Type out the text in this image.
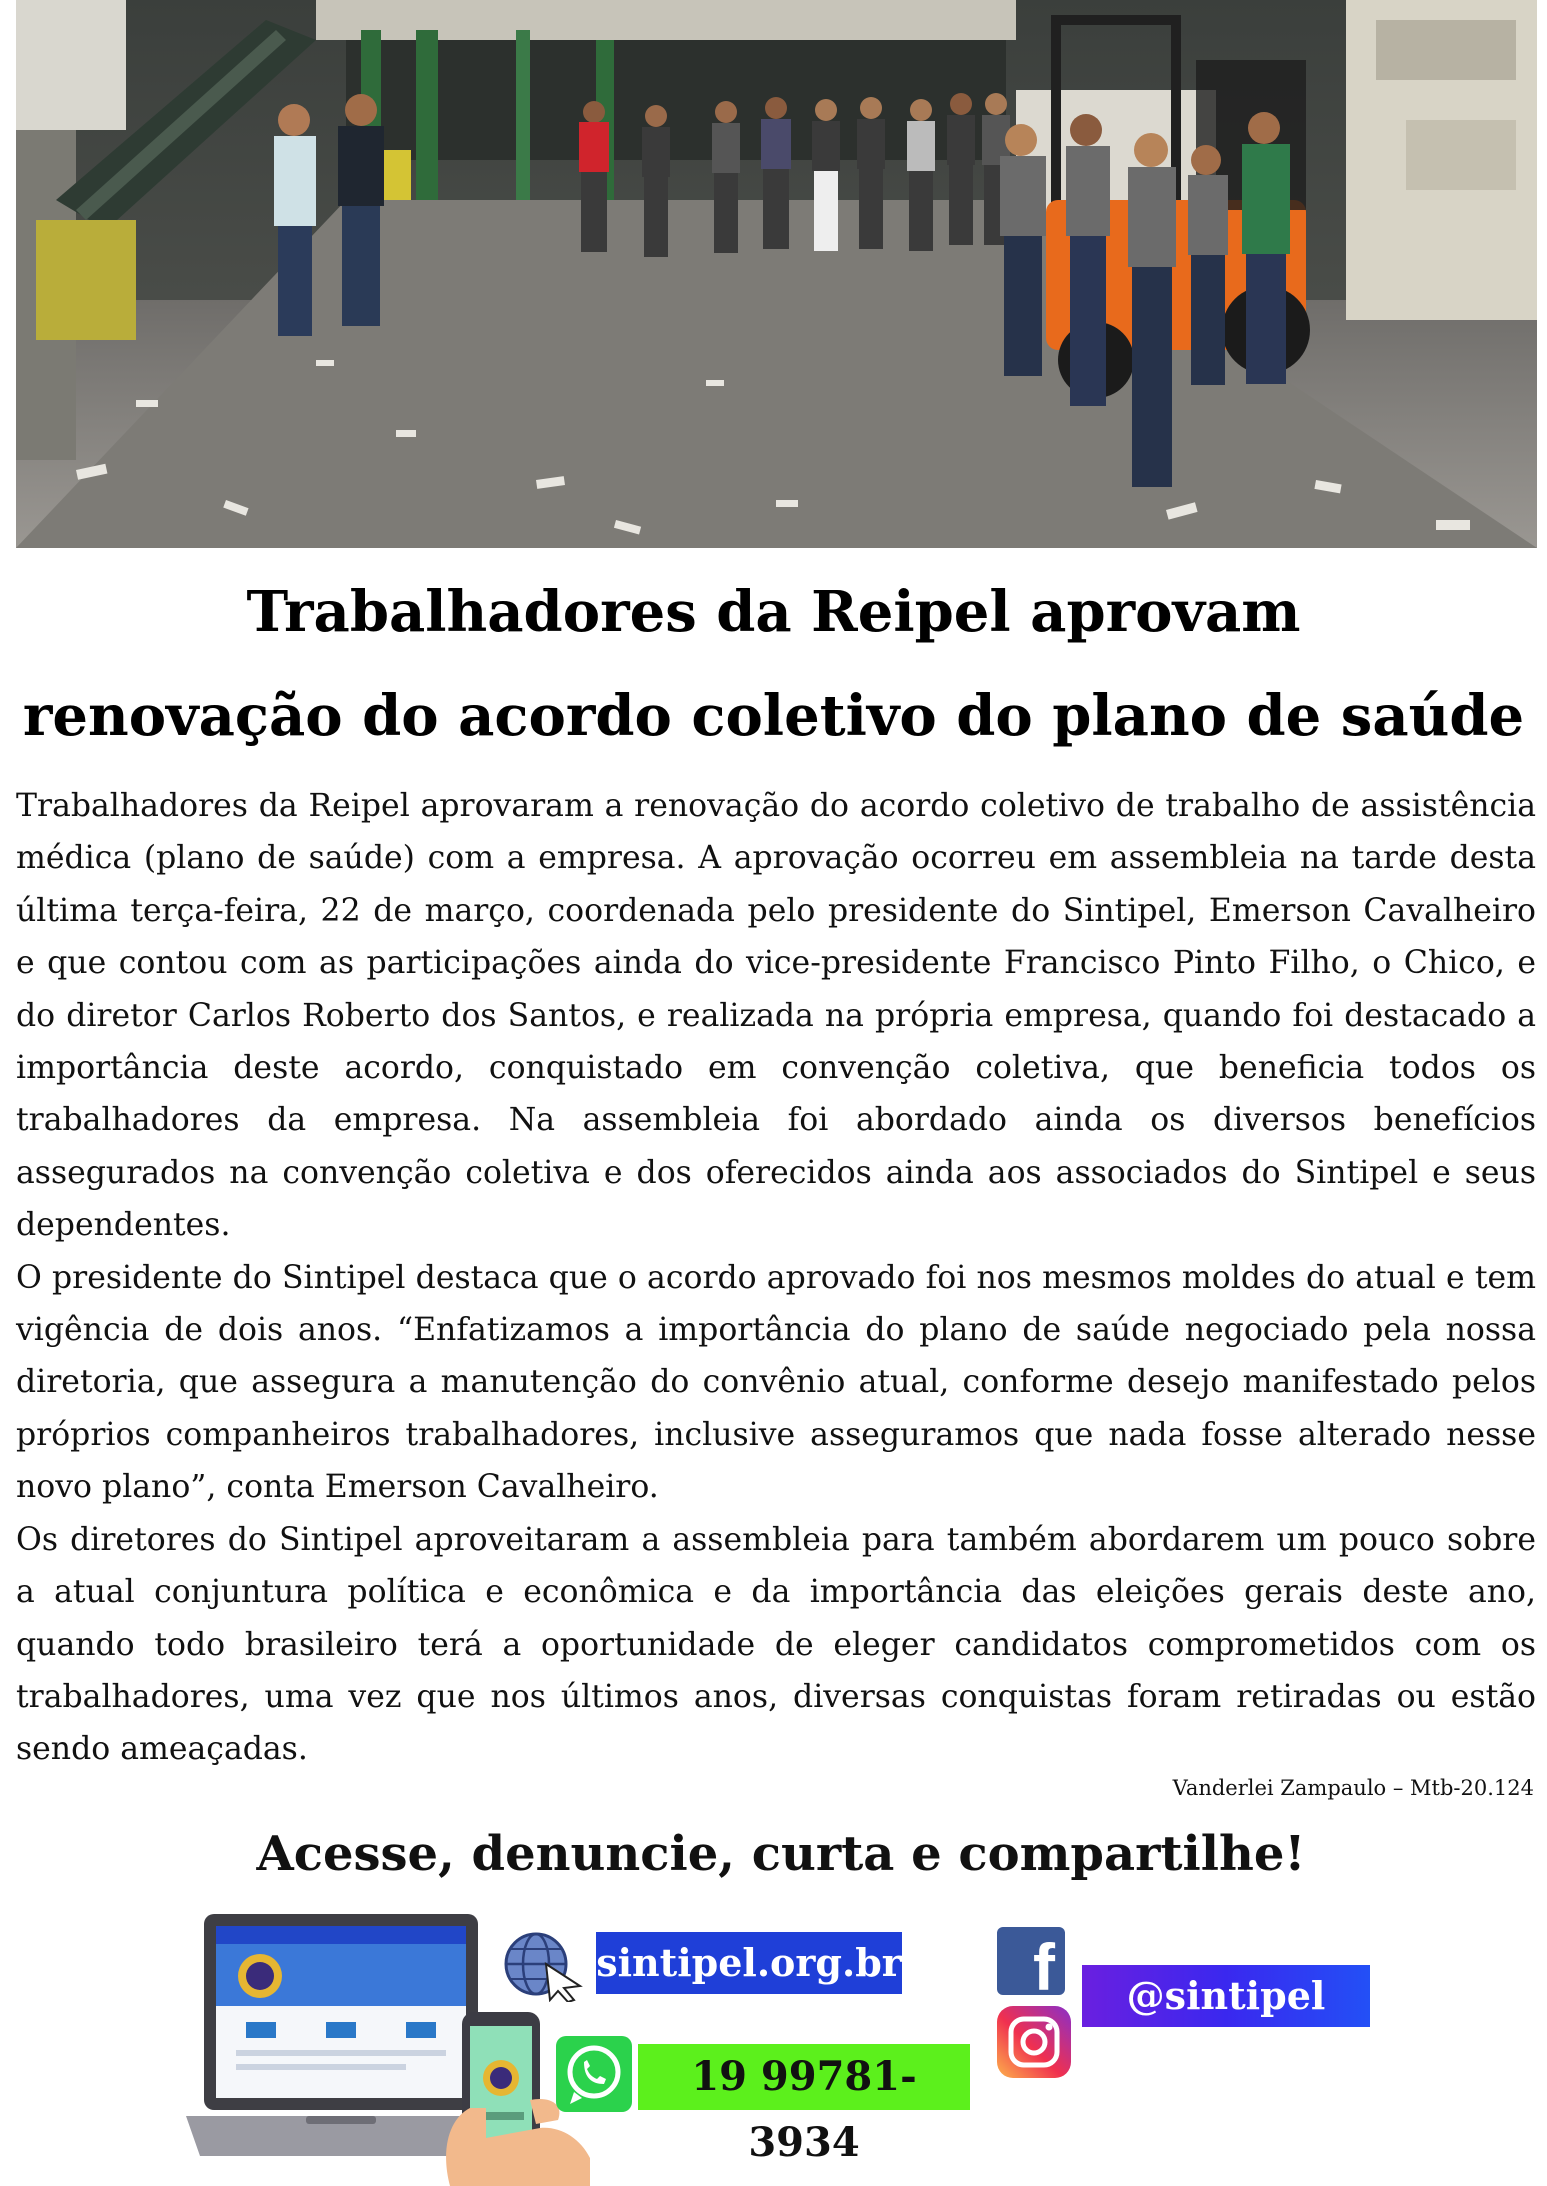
Trabalhadores da Reipel aprovam
renovação do acordo coletivo do plano de saúde

Trabalhadores da Reipel aprovaram a renovação do acordo coletivo de trabalho de assistência médica (plano de saúde) com a empresa. A aprovação ocorreu em assembleia na tarde desta última terça-feira, 22 de março, coordenada pelo presidente do Sintipel, Emerson Cavalheiro e que contou com as participações ainda do vice-presidente Francisco Pinto Filho, o Chico, e do diretor Carlos Roberto dos Santos, e realizada na própria empresa, quando foi destacado a importância deste acordo, conquistado em convenção coletiva, que beneficia todos os trabalhadores da empresa. Na assembleia foi abordado ainda os diversos benefícios assegurados na convenção coletiva e dos oferecidos ainda aos associados do Sintipel e seus dependentes.

O presidente do Sintipel destaca que o acordo aprovado foi nos mesmos moldes do atual e tem vigência de dois anos. “Enfatizamos a importância do plano de saúde negociado pela nossa diretoria, que assegura a manutenção do convênio atual, conforme desejo manifestado pelos próprios companheiros trabalhadores, inclusive asseguramos que nada fosse alterado nesse novo plano”, conta Emerson Cavalheiro.

Os diretores do Sintipel aproveitaram a assembleia para também abordarem um pouco sobre a atual conjuntura política e econômica e da importância das eleições gerais deste ano, quando todo brasileiro terá a oportunidade de eleger candidatos comprometidos com os trabalhadores, uma vez que nos últimos anos, diversas conquistas foram retiradas ou estão sendo ameaçadas.

Vanderlei Zampaulo – Mtb-20.124
Acesse, denuncie, curta e compartilhe!
sintipel.org.br
19 99781-3934
f	@sintipel
